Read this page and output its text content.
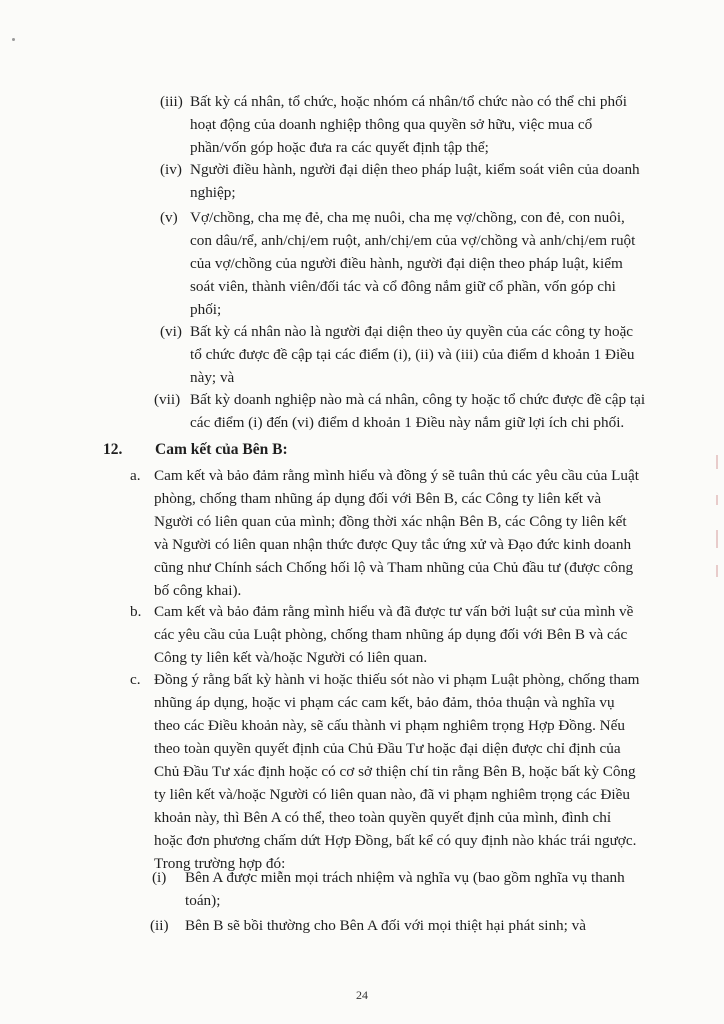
(iii) Bất kỳ cá nhân, tổ chức, hoặc nhóm cá nhân/tổ chức nào có thể chi phối
hoạt động của doanh nghiệp thông qua quyền sở hữu, việc mua cổ
phần/vốn góp hoặc đưa ra các quyết định tập thể;
(iv) Người điều hành, người đại diện theo pháp luật, kiểm soát viên của doanh
nghiệp;
(v) Vợ/chồng, cha mẹ đẻ, cha mẹ nuôi, cha mẹ vợ/chồng, con đẻ, con nuôi,
con dâu/rể, anh/chị/em ruột, anh/chị/em của vợ/chồng và anh/chị/em ruột
của vợ/chồng của người điều hành, người đại diện theo pháp luật, kiểm
soát viên, thành viên/đối tác và cổ đông nắm giữ cổ phần, vốn góp chi
phối;
(vi) Bất kỳ cá nhân nào là người đại diện theo ủy quyền của các công ty hoặc
tổ chức được đề cập tại các điểm (i), (ii) và (iii) của điểm d khoản 1 Điều
này; và
(vii) Bất kỳ doanh nghiệp nào mà cá nhân, công ty hoặc tổ chức được đề cập tại
các điểm (i) đến (vi) điểm d khoản 1 Điều này nắm giữ lợi ích chi phối.
12. Cam kết của Bên B:
a. Cam kết và bảo đảm rằng mình hiểu và đồng ý sẽ tuân thủ các yêu cầu của Luật
phòng, chống tham nhũng áp dụng đối với Bên B, các Công ty liên kết và
Người có liên quan của mình; đồng thời xác nhận Bên B, các Công ty liên kết
và Người có liên quan nhận thức được Quy tắc ứng xử và Đạo đức kinh doanh
cũng như Chính sách Chống hối lộ và Tham nhũng của Chủ đầu tư (được công
bố công khai).
b. Cam kết và bảo đảm rằng mình hiểu và đã được tư vấn bởi luật sư của mình về
các yêu cầu của Luật phòng, chống tham nhũng áp dụng đối với Bên B và các
Công ty liên kết và/hoặc Người có liên quan.
c. Đồng ý rằng bất kỳ hành vi hoặc thiếu sót nào vi phạm Luật phòng, chống tham
nhũng áp dụng, hoặc vi phạm các cam kết, bảo đảm, thỏa thuận và nghĩa vụ
theo các Điều khoản này, sẽ cấu thành vi phạm nghiêm trọng Hợp Đồng. Nếu
theo toàn quyền quyết định của Chủ Đầu Tư hoặc đại diện được chỉ định của
Chủ Đầu Tư xác định hoặc có cơ sở thiện chí tin rằng Bên B, hoặc bất kỳ Công
ty liên kết và/hoặc Người có liên quan nào, đã vi phạm nghiêm trọng các Điều
khoản này, thì Bên A có thể, theo toàn quyền quyết định của mình, đình chỉ
hoặc đơn phương chấm dứt Hợp Đồng, bất kể có quy định nào khác trái ngược.
Trong trường hợp đó:
(i) Bên A được miễn mọi trách nhiệm và nghĩa vụ (bao gồm nghĩa vụ thanh
toán);
(ii) Bên B sẽ bồi thường cho Bên A đối với mọi thiệt hại phát sinh; và
24
